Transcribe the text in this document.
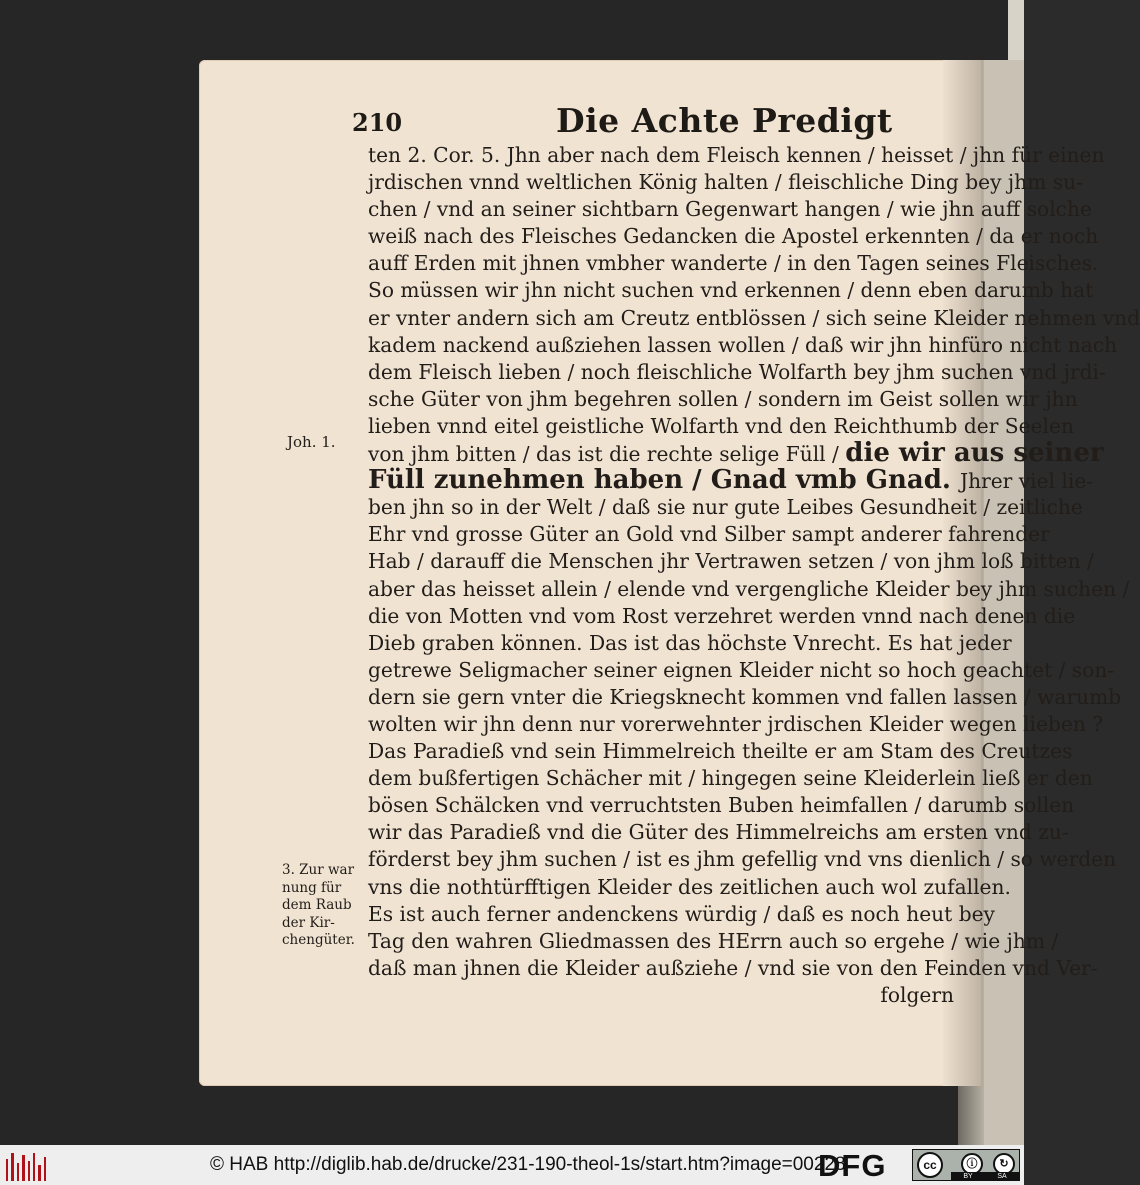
210	Die Achte Predigt
Joh. 1.
3. Zur war
nung für
dem Raub
der Kir-
chengüter.
ten 2. Cor. 5. Jhn aber nach dem Fleisch kennen / heisset / jhn für einen
jrdischen vnnd weltlichen König halten / fleischliche Ding bey jhm su-
chen / vnd an seiner sichtbarn Gegenwart hangen / wie jhn auff solche
weiß nach des Fleisches Gedancken die Apostel erkennten / da er noch
auff Erden mit jhnen vmbher wanderte / in den Tagen seines Fleisches.
So müssen wir jhn nicht suchen vnd erkennen / denn eben darumb hat
er vnter andern sich am Creutz entblössen / sich seine Kleider nehmen vnd
kadem nackend außziehen lassen wollen / daß wir jhn hinfüro nicht nach
dem Fleisch lieben / noch fleischliche Wolfarth bey jhm suchen vnd jrdi-
sche Güter von jhm begehren sollen / sondern im Geist sollen wir jhn
lieben vnnd eitel geistliche Wolfarth vnd den Reichthumb der Seelen
von jhm bitten / das ist die rechte selige Füll / die wir aus seiner
Füll zunehmen haben / Gnad vmb Gnad. Jhrer viel lie-
ben jhn so in der Welt / daß sie nur gute Leibes Gesundheit / zeitliche
Ehr vnd grosse Güter an Gold vnd Silber sampt anderer fahrender
Hab / darauff die Menschen jhr Vertrawen setzen / von jhm loß bitten /
aber das heisset allein / elende vnd vergengliche Kleider bey jhm suchen /
die von Motten vnd vom Rost verzehret werden vnnd nach denen die
Dieb graben können. Das ist das höchste Vnrecht. Es hat jeder
getrewe Seligmacher seiner eignen Kleider nicht so hoch geachtet / son-
dern sie gern vnter die Kriegsknecht kommen vnd fallen lassen / warumb
wolten wir jhn denn nur vorerwehnter jrdischen Kleider wegen lieben ?
Das Paradieß vnd sein Himmelreich theilte er am Stam des Creutzes
dem bußfertigen Schächer mit / hingegen seine Kleiderlein ließ er den
bösen Schälcken vnd verruchtsten Buben heimfallen / darumb sollen
wir das Paradieß vnd die Güter des Himmelreichs am ersten vnd zu-
förderst bey jhm suchen / ist es jhm gefellig vnd vns dienlich / so werden
vns die nothtürfftigen Kleider des zeitlichen auch wol zufallen.
Es ist auch ferner andenckens würdig / daß es noch heut bey
Tag den wahren Gliedmassen des HErrn auch so ergehe / wie jhm /
daß man jhnen die Kleider außziehe / vnd sie von den Feinden vnd Ver-
folgern
© HAB http://diglib.hab.de/drucke/231-190-theol-1s/start.htm?image=00228
DFG	cc	ⓘ	↻
BY	SA
